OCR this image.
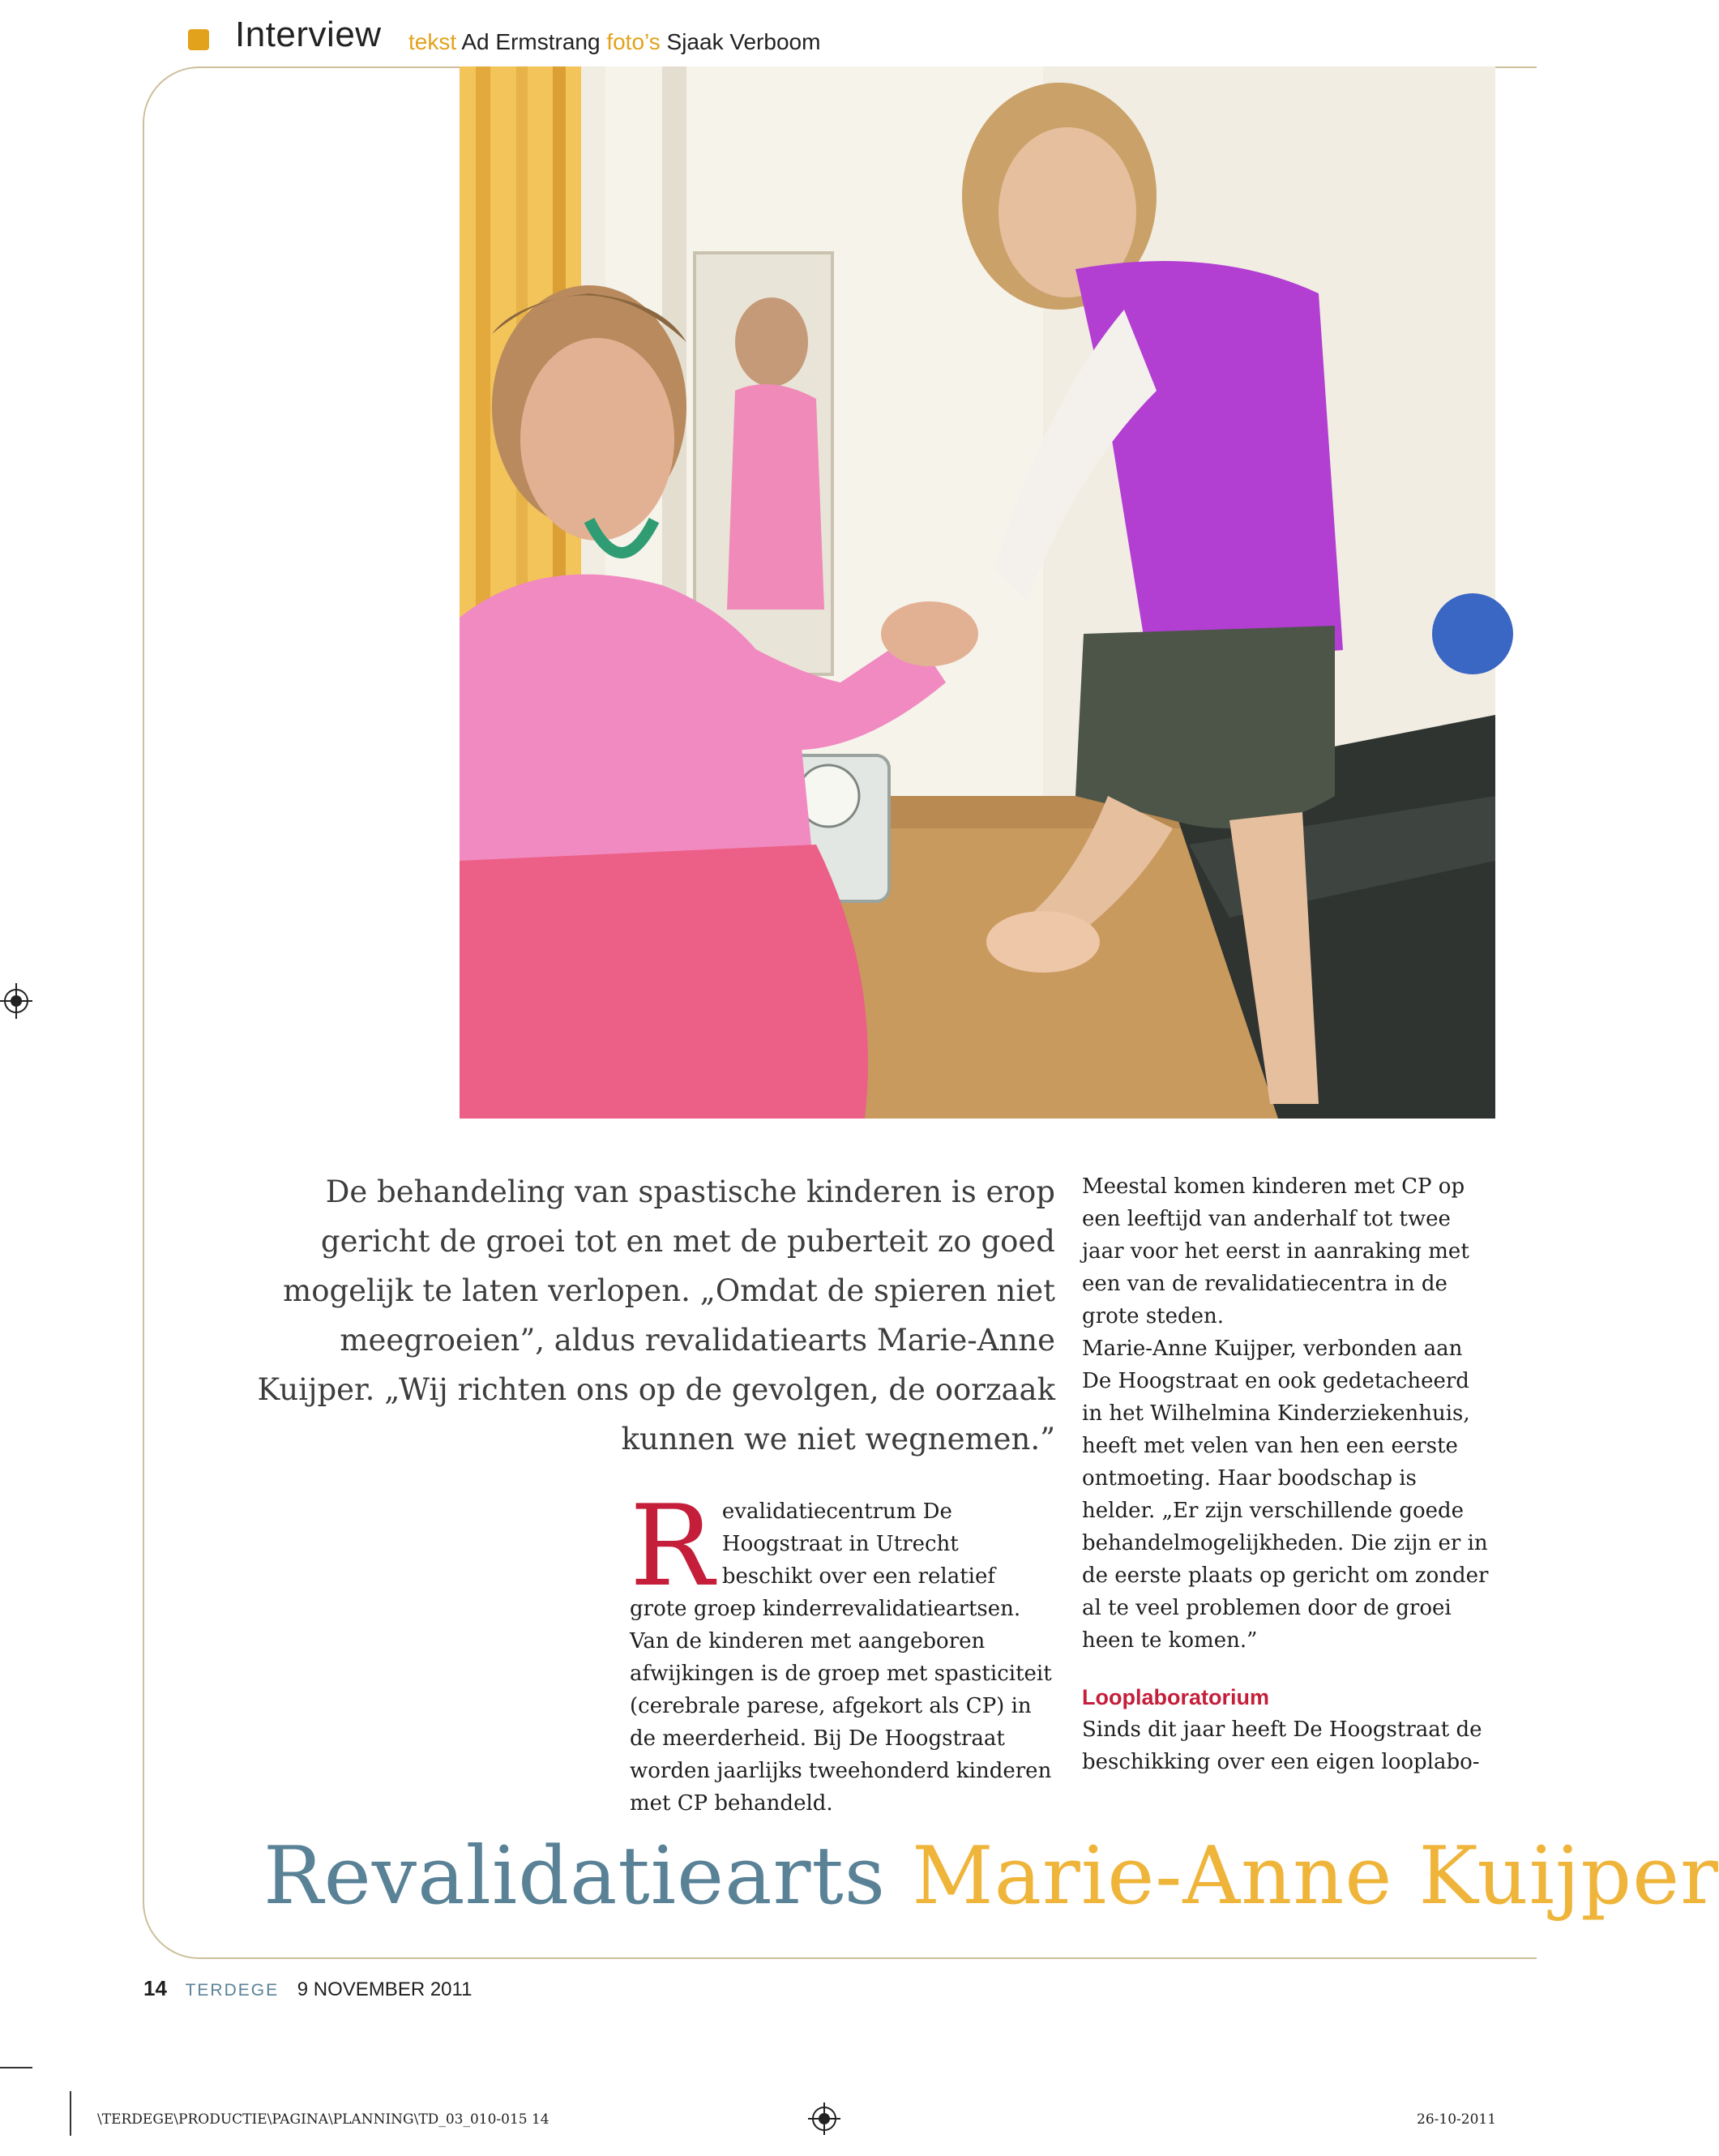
Interview tekst Ad Ermstrang foto’s Sjaak Verboom
De behandeling van spastische kinderen is erop gericht de groei tot en met de puberteit zo goed mogelijk te laten verlopen. „Omdat de spieren niet meegroeien”, aldus revalidatiearts Marie-Anne Kuijper. „Wij richten ons op de gevolgen, de oorzaak kunnen we niet wegnemen.”
Revalidatiecentrum De Hoogstraat in Utrecht beschikt over een relatief grote groep kinderrevalidatieartsen. Van de kinderen met aangeboren afwijkingen is de groep met spasticiteit (cerebrale parese, afgekort als CP) in de meerderheid. Bij De Hoogstraat worden jaarlijks tweehonderd kinderen met CP behandeld.

Meestal komen kinderen met CP op een leeftijd van anderhalf tot twee jaar voor het eerst in aanraking met een van de revalidatiecentra in de grote steden.

Marie-Anne Kuijper, verbonden aan De Hoogstraat en ook gedetacheerd in het Wilhelmina Kinderziekenhuis, heeft met velen van hen een eerste ontmoeting. Haar boodschap is helder. „Er zijn verschillende goede behandelmogelijkheden. Die zijn er in de eerste plaats op gericht om zonder al te veel problemen door de groei heen te komen.”

Looplaboratorium

Sinds dit jaar heeft De Hoogstraat de beschikking over een eigen looplabo-

Revalidatiearts Marie-Anne Kuijper
14 TERDEGE 9 NOVEMBER 2011
\TERDEGE\PRODUCTIE\PAGINA\PLANNING\TD_03_010-015 14	26-10-2011
